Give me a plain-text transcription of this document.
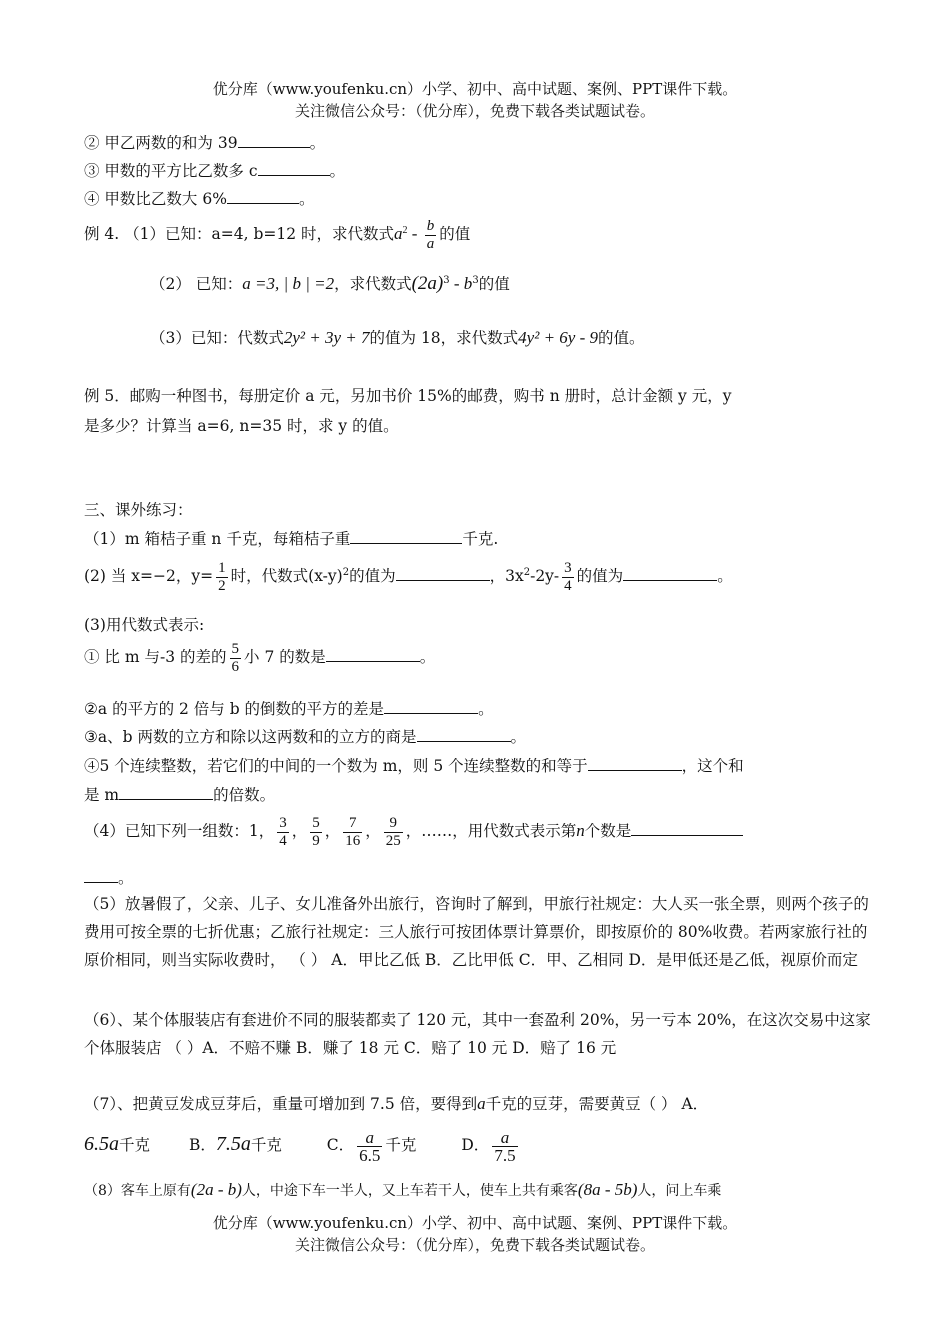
优分库（www.youfenku.cn）小学、初中、高中试题、案例、PPT课件下载。
关注微信公众号：（优分库），免费下载各类试题试卷。
② 甲乙两数的和为 39	。
③ 甲数的平方比乙数多 c	。
④ 甲数比乙数大 6%	。
例 4. （1）已知：a=4, b=12 时，求代数式$a^2 - \frac{b}{a}$ 的值
（2） 已知：a =3, | b | =2，求代数式$(2a)^3 - b^3$的值
（3）已知：代数式2y² + 3y + 7的值为 18，求代数式4y² + 6y - 9的值。
例 5．邮购一种图书，每册定价 a 元，另加书价 15%的邮费，购书 n 册时，总计金额 y 元，y
是多少？计算当 a=6, n=35 时，求 y 的值。
三、课外练习：
（1）m 箱桔子重 n 千克，每箱桔子重	千克.
(2) 当 x=−2，$y= \frac{1}{2}$ 时，代数式$(x-y)^2$的值为	，$3x^2-2y- \frac{3}{4}$ 的值为	。
(3)用代数式表示:
① 比 m 与-3 的差的 $\frac{5}{6}$ 小 7 的数是	。
②a 的平方的 2 倍与 b 的倒数的平方的差是	。
③a、b 两数的立方和除以这两数和的立方的商是	。
④5 个连续整数，若它们的中间的一个数为 m，则 5 个连续整数的和等于	，这个和
是 m	的倍数。
（4）已知下列一组数：1， $\frac{3}{4}$ ， $\frac{5}{9}$ ， $\frac{7}{16}$ ， $\frac{9}{25}$ ，……，用代数式表示第n个数是
。
（5）放暑假了，父亲、儿子、女儿准备外出旅行，咨询时了解到，甲旅行社规定：大人买一张全票，则两个孩子的费用可按全票的七折优惠；乙旅行社规定：三人旅行可按团体票计算票价，即按原价的 80%收费。若两家旅行社的原价相同，则当实际收费时， （ ） A．甲比乙低 B．乙比甲低 C．甲、乙相同 D．是甲低还是乙低，视原价而定
（6）、某个体服装店有套进价不同的服装都卖了 120 元，其中一套盈利 20%，另一亏本 20%，在这次交易中这家个体服装店 （ ）A．不赔不赚 B．赚了 18 元 C．赔了 10 元 D．赔了 16 元
（7）、把黄豆发成豆芽后，重量可增加到 7.5 倍，要得到a千克的豆芽，需要黄豆（ ） A．
6.5a千克	B．7.5a千克	C． $\frac{a}{6.5}$ 千克	D． $\frac{a}{7.5}$
（8）客车上原有(2a - b)人，中途下车一半人，又上车若干人，使车上共有乘客(8a - 5b)人，问上车乘
优分库（www.youfenku.cn）小学、初中、高中试题、案例、PPT课件下载。
关注微信公众号：（优分库），免费下载各类试题试卷。
